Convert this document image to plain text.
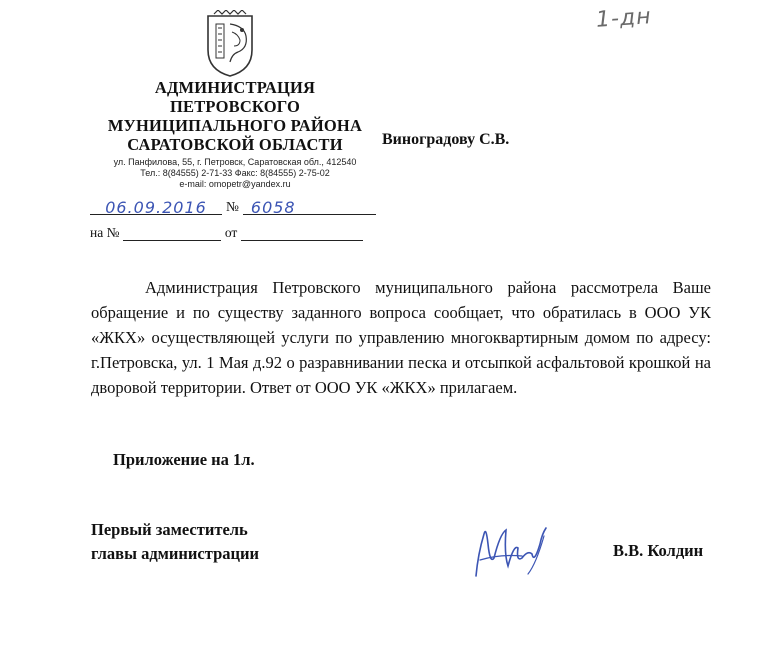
1-дн
АДМИНИСТРАЦИЯ
ПЕТРОВСКОГО
МУНИЦИПАЛЬНОГО РАЙОНА
САРАТОВСКОЙ ОБЛАСТИ
ул. Панфилова, 55, г. Петровск, Саратовская обл., 412540
Тел.: 8(84555) 2-71-33 Факс: 8(84555) 2-75-02
e-mail: omopetr@yandex.ru
Виноградову С.В.
06.09.2016 № 6058
на №	от
Администрация Петровского муниципального района рассмотрела Ваше обращение и по существу заданного вопроса сообщает, что обратилась в ООО УК «ЖКХ» осуществляющей услуги по управлению многоквартирным домом по адресу: г.Петровска, ул. 1 Мая д.92 о разравнивании песка и отсыпкой асфальтовой крошкой на дворовой территории. Ответ от ООО УК «ЖКХ» прилагаем.
Приложение на 1л.
Первый заместитель
главы администрации	В.В. Колдин
